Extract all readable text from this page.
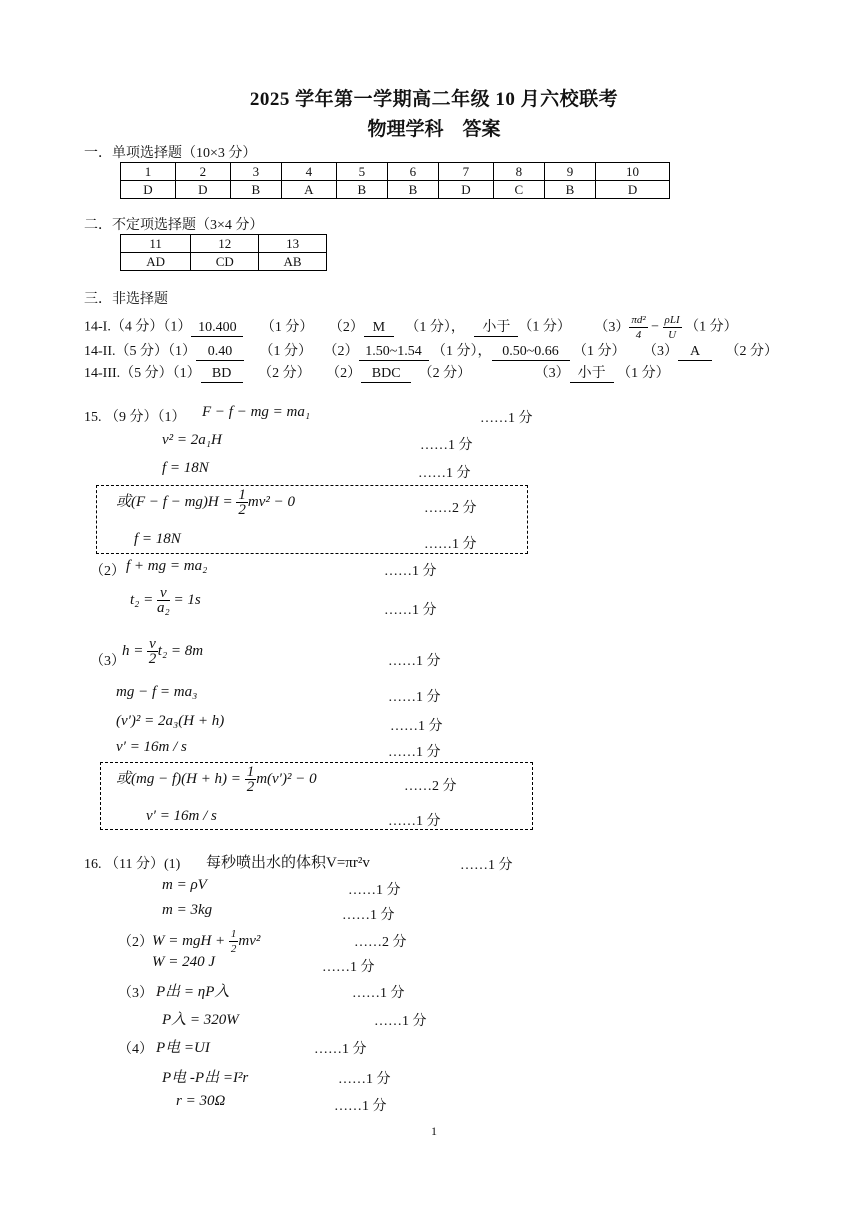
2025 学年第一学期高二年级 10 月六校联考
物理学科　答案
一．单项选择题（10×3 分）
1	2	3	4	5	6	7	8	9	10
D	D	B	A	B	B	D	C	B	D
二．不定项选择题（3×4 分）
11	12	13
AD	CD	AB
三．非选择题
14-I.（4 分）（1） 10.400 （1 分） （2） M （1 分）， 小于 （1 分） $(3) \frac{\text{πd²}}{4} - \frac{\text{ρLI}}{U} (1$ 分）
14-II.（5 分）（1） 0.40 （1 分） （2） 1.50~1.54 （1 分）， 0.50~0.66 （1 分） （3） A （2 分）
14-III.（5 分）（1） BD （2 分） （2） BDC （2 分）	（3） 小于 （1 分）
15. （9 分）（1） F − f − mg = ma₁	……1 分
v² = 2a₁H	……1 分
f = 18N	……1 分
或$(F - f - mg)H = \frac{1}{2} mv^2 - 0$	……2 分
f = 18N	……1 分
（2） f + mg = ma₂	……1 分
$t_2 = \frac{v}{\text{a₂}} = 1s$
……1 分
（3）
$h = \frac{v}{2} t_2 = 8m$
……1 分
mg − f = ma₃	……1 分
(v′)² = 2a₃(H + h)	……1 分
v′ = 16m / s	……1 分
或$(mg - f)(H + h) = \frac{1}{2} m(v')^2 - 0$	……2 分
v′ = 16m / s	……1 分
16. （11 分）(1) 每秒喷出水的体积V=πr²v	……1 分
m = ρV	……1 分
m = 3kg	……1 分
（2） W = mgH + $\frac{1}{2} mv^2$	……2 分
W = 240 J	……1 分
（3） P出 = ηP入	……1 分
P入 = 320W	……1 分
（4） P电 =UI	……1 分
P电 -P出 =I²r	……1 分
r = 30Ω	……1 分
1
